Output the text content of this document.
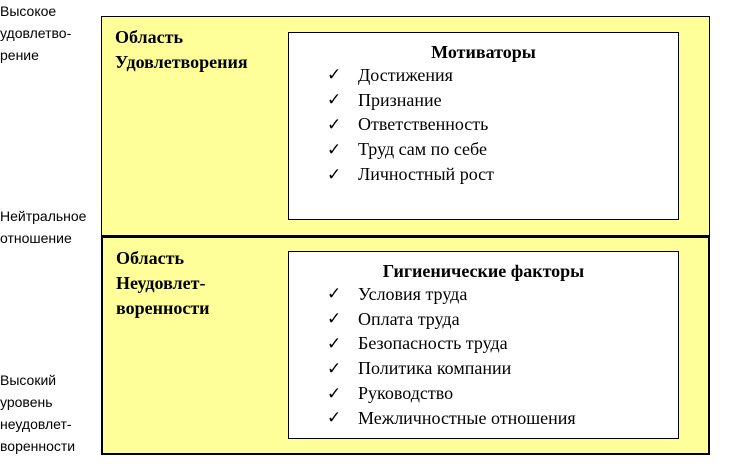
Высокое
удовлетво-
рение
Нейтральное
отношение
Высокий
уровень
неудовлет-
воренности
Область
Удовлетворения
Область
Неудовлет-
воренности
Мотиваторы
✓ Достижения
✓ Признание
✓ Ответственность
✓ Труд сам по себе
✓ Личностный рост
Гигиенические факторы
✓ Условия труда
✓ Оплата труда
✓ Безопасность труда
✓ Политика компании
✓ Руководство
✓ Межличностные отношения
